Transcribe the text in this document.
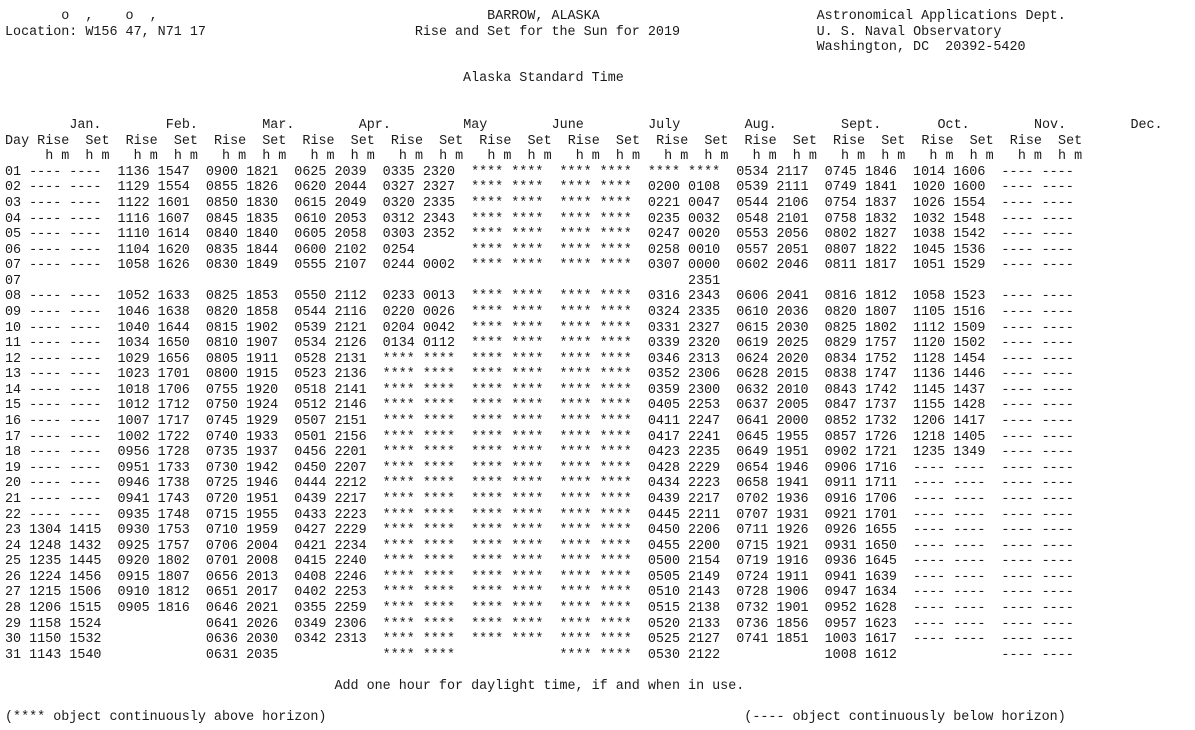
o  ,    o  ,	BARROW, ALASKA	Astronomical Applications Dept.
Location: W156 47, N71 17	Rise and Set for the Sun for 2019	U. S. Naval Observatory
Washington, DC  20392-5420

Alaska Standard Time

Jan.	Feb.	Mar.	Apr.	May	June	July	Aug.	Sept.	Oct.	Nov.	Dec.
Day Rise Set Rise Set Rise Set Rise Set Rise Set Rise Set Rise Set Rise Set Rise Set Rise Set Rise Set Rise Set
h m h m h m h m h m h m h m h m h m h m h m h m h m h m h m h m h m h m h m h m h m h m h m h m
01 ---- ----  1136 1547  0900 1821  0625 2039  0335 2320  **** ****  **** ****  **** ****  0534 2117  0745 1846  1014 1606  ---- ----
02 ---- ----  1129 1554  0855 1826  0620 2044  0327 2327  **** ****  **** ****  0200 0108  0539 2111  0749 1841  1020 1600  ---- ----
03 ---- ----  1122 1601  0850 1830  0615 2049  0320 2335  **** ****  **** ****  0221 0047  0544 2106  0754 1837  1026 1554  ---- ----
04 ---- ----  1116 1607  0845 1835  0610 2053  0312 2343  **** ****  **** ****  0235 0032  0548 2101  0758 1832  1032 1548  ---- ----
05 ---- ----  1110 1614  0840 1840  0605 2058  0303 2352  **** ****  **** ****  0247 0020  0553 2056  0802 1827  1038 1542  ---- ----
06 ---- ----  1104 1620  0835 1844  0600 2102  0254       **** ****  **** ****  0258 0010  0557 2051  0807 1822  1045 1536  ---- ----
07 ---- ----  1058 1626  0830 1849  0555 2107  0244 0002  **** ****  **** ****  0307 0000  0602 2046  0811 1817  1051 1529  ---- ----
07                                                                                   2351
08 ---- ----  1052 1633  0825 1853  0550 2112  0233 0013  **** ****  **** ****  0316 2343  0606 2041  0816 1812  1058 1523  ---- ----
09 ---- ----  1046 1638  0820 1858  0544 2116  0220 0026  **** ****  **** ****  0324 2335  0610 2036  0820 1807  1105 1516  ---- ----
10 ---- ----  1040 1644  0815 1902  0539 2121  0204 0042  **** ****  **** ****  0331 2327  0615 2030  0825 1802  1112 1509  ---- ----
11 ---- ----  1034 1650  0810 1907  0534 2126  0134 0112  **** ****  **** ****  0339 2320  0619 2025  0829 1757  1120 1502  ---- ----
12 ---- ----  1029 1656  0805 1911  0528 2131  **** ****  **** ****  **** ****  0346 2313  0624 2020  0834 1752  1128 1454  ---- ----
13 ---- ----  1023 1701  0800 1915  0523 2136  **** ****  **** ****  **** ****  0352 2306  0628 2015  0838 1747  1136 1446  ---- ----
14 ---- ----  1018 1706  0755 1920  0518 2141  **** ****  **** ****  **** ****  0359 2300  0632 2010  0843 1742  1145 1437  ---- ----
15 ---- ----  1012 1712  0750 1924  0512 2146  **** ****  **** ****  **** ****  0405 2253  0637 2005  0847 1737  1155 1428  ---- ----
16 ---- ----  1007 1717  0745 1929  0507 2151  **** ****  **** ****  **** ****  0411 2247  0641 2000  0852 1732  1206 1417  ---- ----
17 ---- ----  1002 1722  0740 1933  0501 2156  **** ****  **** ****  **** ****  0417 2241  0645 1955  0857 1726  1218 1405  ---- ----
18 ---- ----  0956 1728  0735 1937  0456 2201  **** ****  **** ****  **** ****  0423 2235  0649 1951  0902 1721  1235 1349  ---- ----
19 ---- ----  0951 1733  0730 1942  0450 2207  **** ****  **** ****  **** ****  0428 2229  0654 1946  0906 1716  ---- ----  ---- ----
20 ---- ----  0946 1738  0725 1946  0444 2212  **** ****  **** ****  **** ****  0434 2223  0658 1941  0911 1711  ---- ----  ---- ----
21 ---- ----  0941 1743  0720 1951  0439 2217  **** ****  **** ****  **** ****  0439 2217  0702 1936  0916 1706  ---- ----  ---- ----
22 ---- ----  0935 1748  0715 1955  0433 2223  **** ****  **** ****  **** ****  0445 2211  0707 1931  0921 1701  ---- ----  ---- ----
23 1304 1415  0930 1753  0710 1959  0427 2229  **** ****  **** ****  **** ****  0450 2206  0711 1926  0926 1655  ---- ----  ---- ----
24 1248 1432  0925 1757  0706 2004  0421 2234  **** ****  **** ****  **** ****  0455 2200  0715 1921  0931 1650  ---- ----  ---- ----
25 1235 1445  0920 1802  0701 2008  0415 2240  **** ****  **** ****  **** ****  0500 2154  0719 1916  0936 1645  ---- ----  ---- ----
26 1224 1456  0915 1807  0656 2013  0408 2246  **** ****  **** ****  **** ****  0505 2149  0724 1911  0941 1639  ---- ----  ---- ----
27 1215 1506  0910 1812  0651 2017  0402 2253  **** ****  **** ****  **** ****  0510 2143  0728 1906  0947 1634  ---- ----  ---- ----
28 1206 1515  0905 1816  0646 2021  0355 2259  **** ****  **** ****  **** ****  0515 2138  0732 1901  0952 1628  ---- ----  ---- ----
29 1158 1524             0641 2026  0349 2306  **** ****  **** ****  **** ****  0520 2133  0736 1856  0957 1623  ---- ----  ---- ----
30 1150 1532             0636 2030  0342 2313  **** ****  **** ****  **** ****  0525 2127  0741 1851  1003 1617  ---- ----  ---- ----
31 1143 1540             0631 2035             **** ****             **** ****  0530 2122             1008 1612             ---- ----

Add one hour for daylight time, if and when in use.

(**** object continuously above horizon)	(---- object continuously below horizon)
